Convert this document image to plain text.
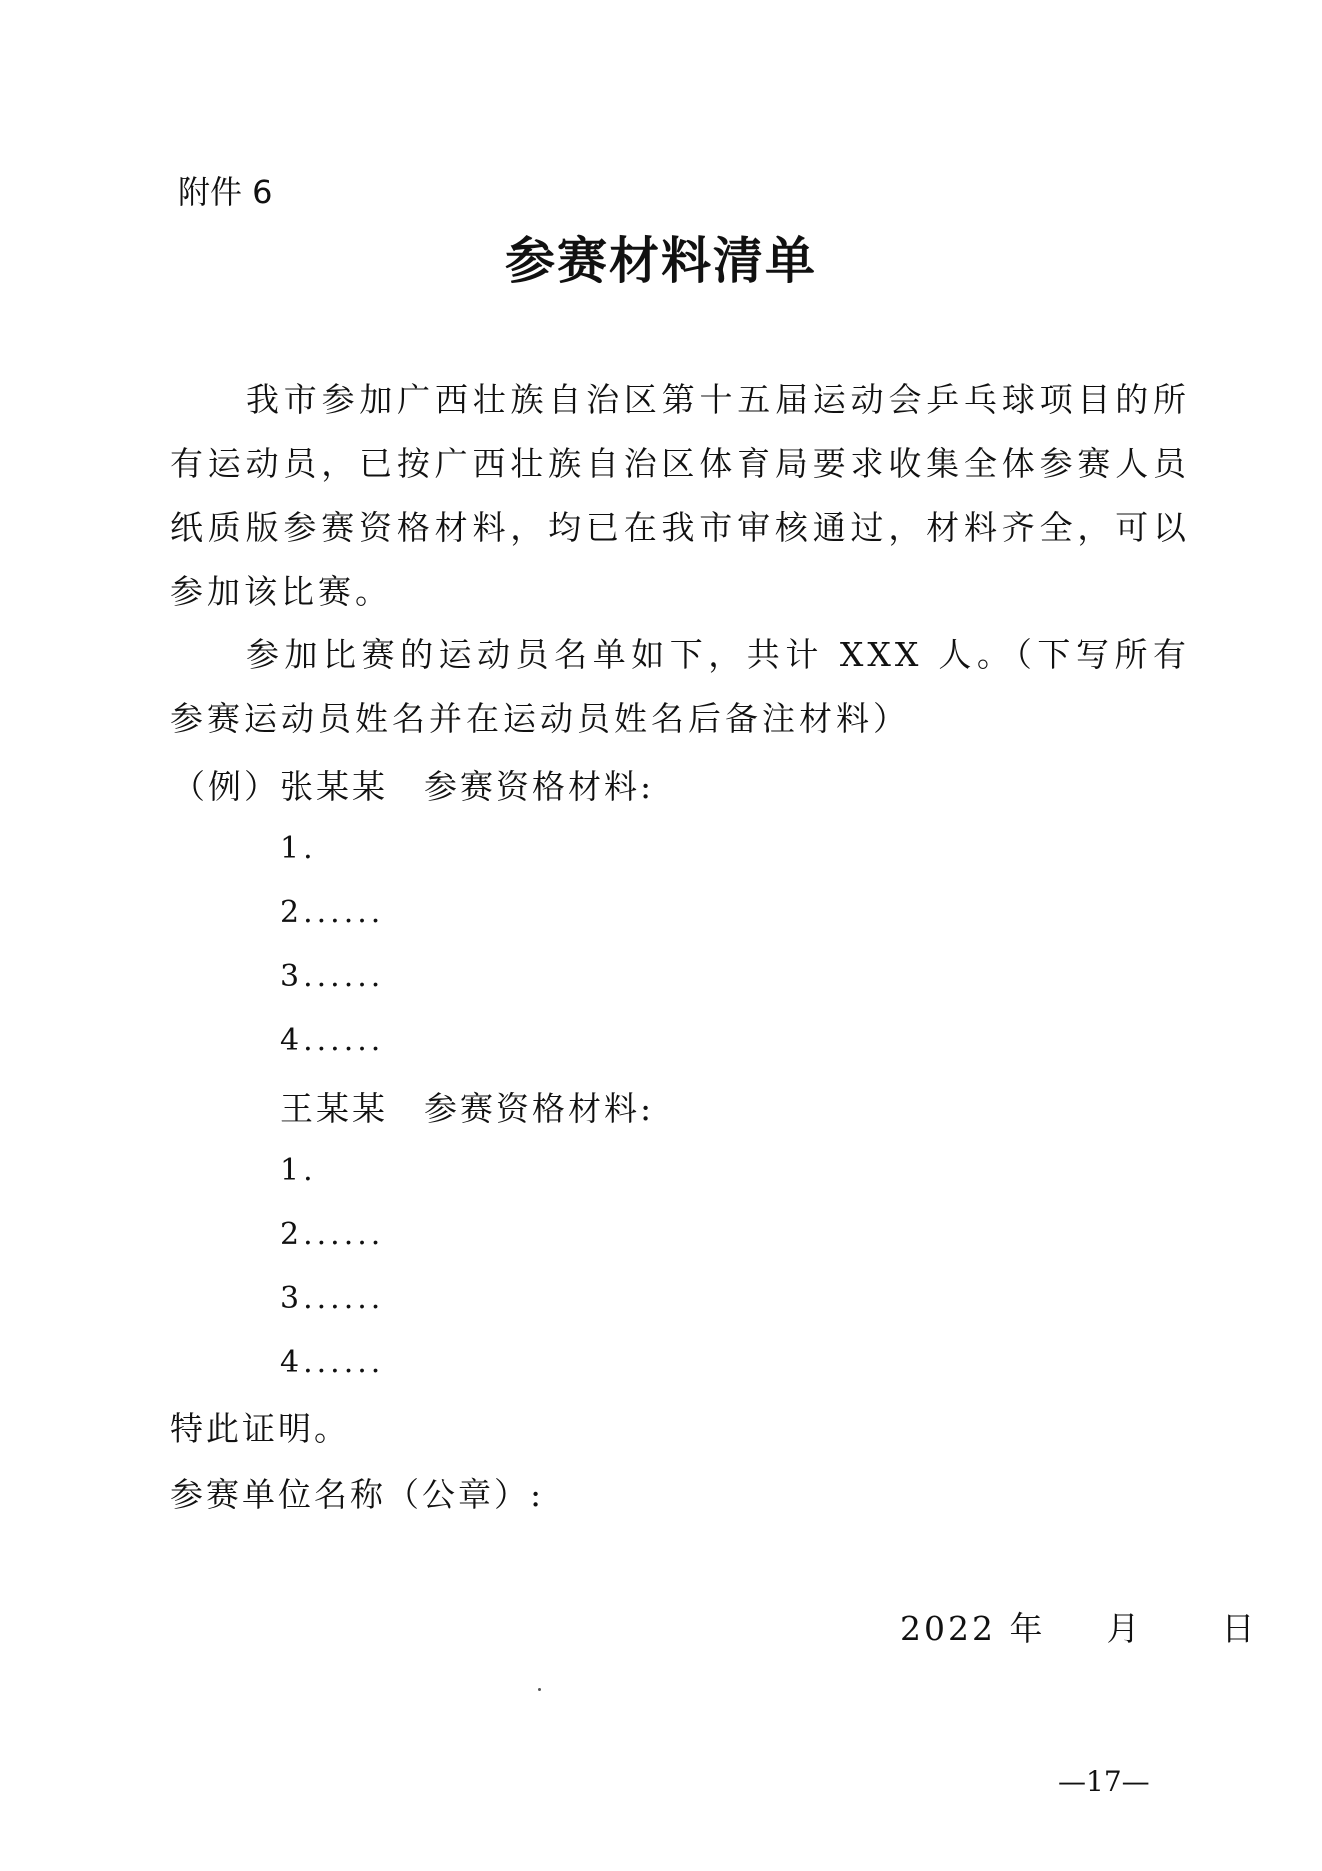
附件 6
参赛材料清单
我市参加广西壮族自治区第十五届运动会乒乓球项目的所有运动员，已按广西壮族自治区体育局要求收集全体参赛人员纸质版参赛资格材料，均已在我市审核通过，材料齐全，可以参加该比赛。
参加比赛的运动员名单如下，共计 XXX 人。（下写所有参赛运动员姓名并在运动员姓名后备注材料）
（例）张某某　参赛资格材料:
1.
2......
3......
4......
王某某　参赛资格材料:
1.
2......
3......
4......
特此证明。
参赛单位名称（公章）:
2022 年 月 日
—17—
